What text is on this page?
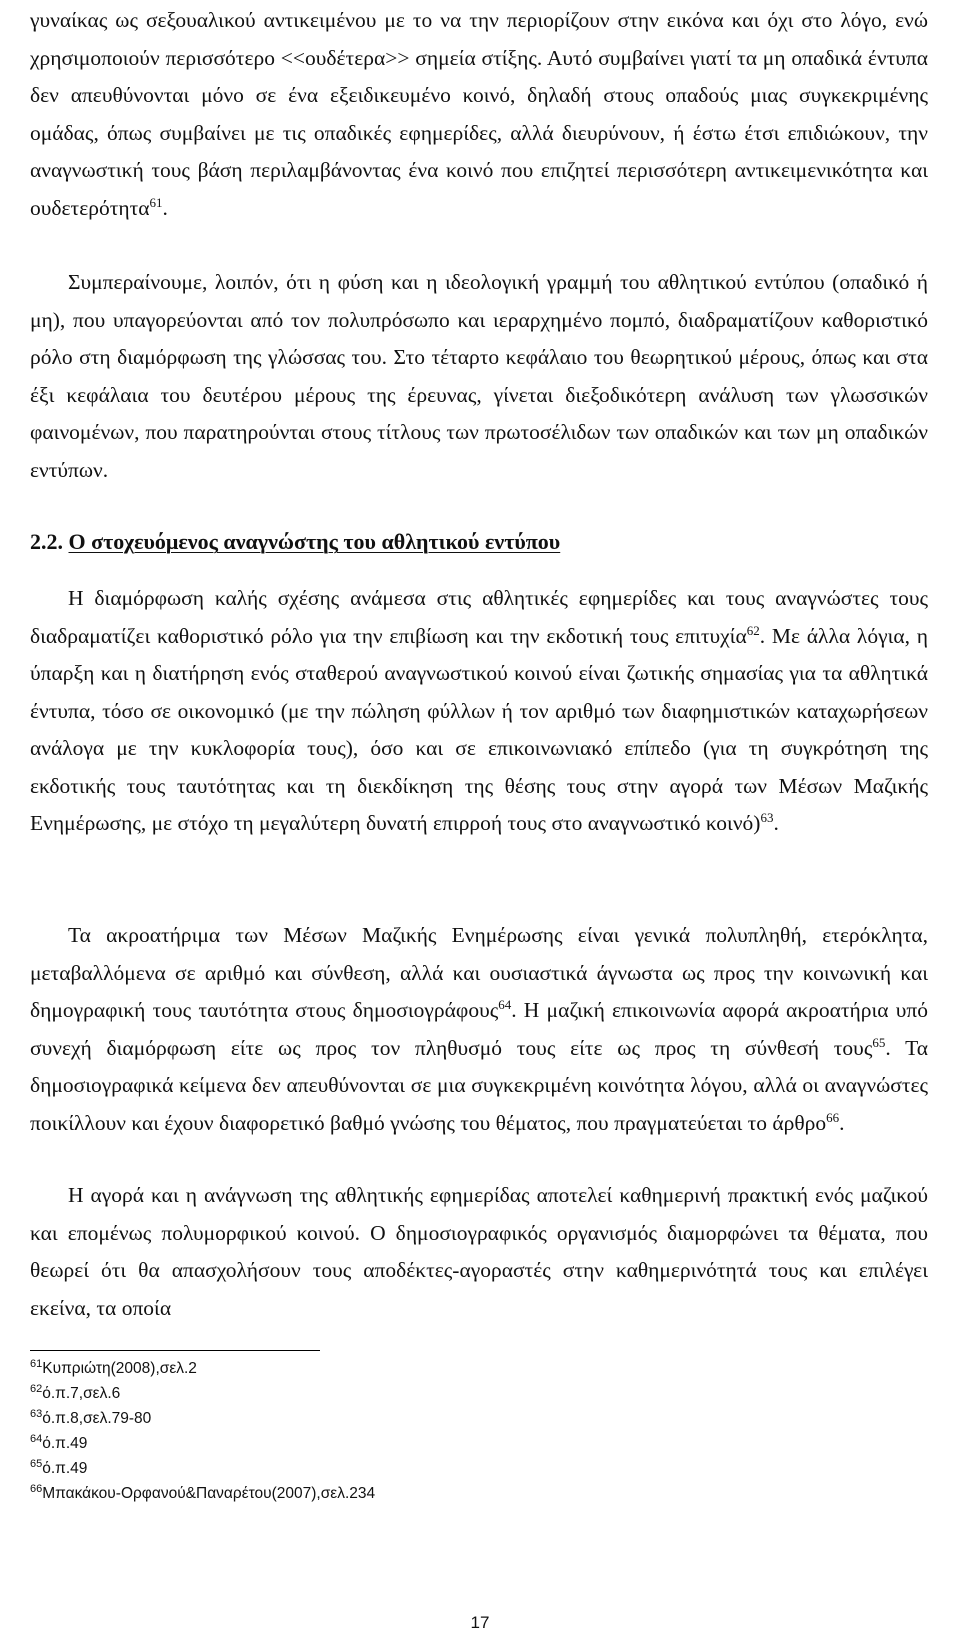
γυναίκας ως σεξουαλικού αντικειμένου με το να την περιορίζουν στην εικόνα και όχι στο λόγο, ενώ χρησιμοποιούν περισσότερο <<ουδέτερα>> σημεία στίξης. Αυτό συμβαίνει γιατί τα μη οπαδικά έντυπα δεν απευθύνονται μόνο σε ένα εξειδικευμένο κοινό, δηλαδή στους οπαδούς μιας συγκεκριμένης ομάδας, όπως συμβαίνει με τις οπαδικές εφημερίδες, αλλά διευρύνουν, ή έστω έτσι επιδιώκουν, την αναγνωστική τους βάση περιλαμβάνοντας ένα κοινό που επιζητεί περισσότερη αντικειμενικότητα και ουδετερότητα$^{61}$.

Συμπεραίνουμε, λοιπόν, ότι η φύση και η ιδεολογική γραμμή του αθλητικού εντύπου (οπαδικό ή μη), που υπαγορεύονται από τον πολυπρόσωπο και ιεραρχημένο πομπό, διαδραματίζουν καθοριστικό ρόλο στη διαμόρφωση της γλώσσας του. Στο τέταρτο κεφάλαιο του θεωρητικού μέρους, όπως και στα έξι κεφάλαια του δευτέρου μέρους της έρευνας, γίνεται διεξοδικότερη ανάλυση των γλωσσικών φαινομένων, που παρατηρούνται στους τίτλους των πρωτοσέλιδων των οπαδικών και των μη οπαδικών εντύπων.

2.2. Ο στοχευόμενος αναγνώστης του αθλητικού εντύπου

Η διαμόρφωση καλής σχέσης ανάμεσα στις αθλητικές εφημερίδες και τους αναγνώστες τους διαδραματίζει καθοριστικό ρόλο για την επιβίωση και την εκδοτική τους επιτυχία$^{62}$. Με άλλα λόγια, η ύπαρξη και η διατήρηση ενός σταθερού αναγνωστικού κοινού είναι ζωτικής σημασίας για τα αθλητικά έντυπα, τόσο σε οικονομικό (με την πώληση φύλλων ή τον αριθμό των διαφημιστικών καταχωρήσεων ανάλογα με την κυκλοφορία τους), όσο και σε επικοινωνιακό επίπεδο (για τη συγκρότηση της εκδοτικής τους ταυτότητας και τη διεκδίκηση της θέσης τους στην αγορά των Μέσων Μαζικής Ενημέρωσης, με στόχο τη μεγαλύτερη δυνατή επιρροή τους στο αναγνωστικό κοινό)$^{63}$.

Τα ακροατήριμα των Μέσων Μαζικής Ενημέρωσης είναι γενικά πολυπληθή, ετερόκλητα, μεταβαλλόμενα σε αριθμό και σύνθεση, αλλά και ουσιαστικά άγνωστα ως προς την κοινωνική και δημογραφική τους ταυτότητα στους δημοσιογράφους$^{64}$. Η μαζική επικοινωνία αφορά ακροατήρια υπό συνεχή διαμόρφωση είτε ως προς τον πληθυσμό τους είτε ως προς τη σύνθεσή τους$^{65}$. Τα δημοσιογραφικά κείμενα δεν απευθύνονται σε μια συγκεκριμένη κοινότητα λόγου, αλλά οι αναγνώστες ποικίλλουν και έχουν διαφορετικό βαθμό γνώσης του θέματος, που πραγματεύεται το άρθρο$^{66}$.

Η αγορά και η ανάγνωση της αθλητικής εφημερίδας αποτελεί καθημερινή πρακτική ενός μαζικού και επομένως πολυμορφικού κοινού. Ο δημοσιογραφικός οργανισμός διαμορφώνει τα θέματα, που θεωρεί ότι θα απασχολήσουν τους αποδέκτες-αγοραστές στην καθημερινότητά τους και επιλέγει εκείνα, τα οποία

$^{61}$Κυπριώτη(2008),σελ.2

$^{62}$ό.π.7,σελ.6

$^{63}$ό.π.8,σελ.79-80

$^{64}$ό.π.49

$^{65}$ό.π.49

$^{66}$Μπακάκου-Ορφανού&Παναρέτου(2007),σελ.234

17
